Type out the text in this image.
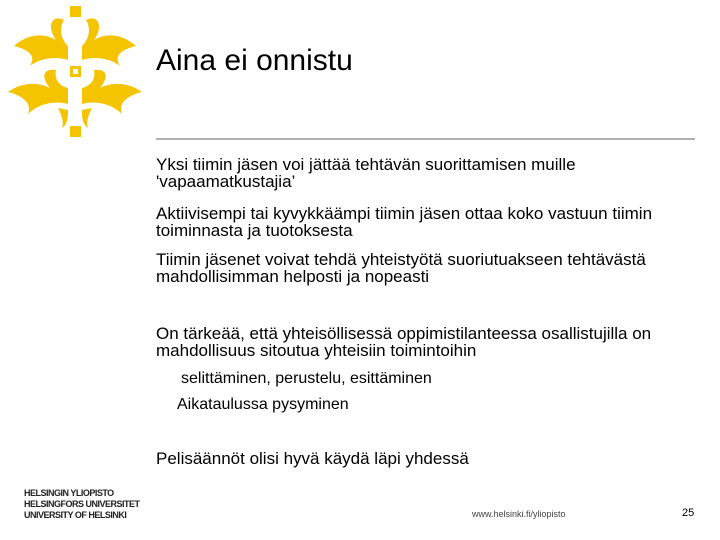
Aina ei onnistu

Yksi tiimin jäsen voi jättää tehtävän suorittamisen muille 'vapaamatkustajia’

Aktiivisempi tai kyvykkäämpi tiimin jäsen ottaa koko vastuun tiimin toiminnasta ja tuotoksesta

Tiimin jäsenet voivat tehdä yhteistyötä suoriutuakseen tehtävästä mahdollisimman helposti ja nopeasti

On tärkeää, että yhteisöllisessä oppimistilanteessa osallistujilla on mahdollisuus sitoutua yhteisiin toimintoihin

selittäminen, perustelu, esittäminen

Aikataulussa pysyminen

Pelisäännöt olisi hyvä käydä läpi yhdessä

HELSINGIN YLIOPISTO
HELSINGFORS UNIVERSITET
UNIVERSITY OF HELSINKI	www.helsinki.fi/yliopisto	25
